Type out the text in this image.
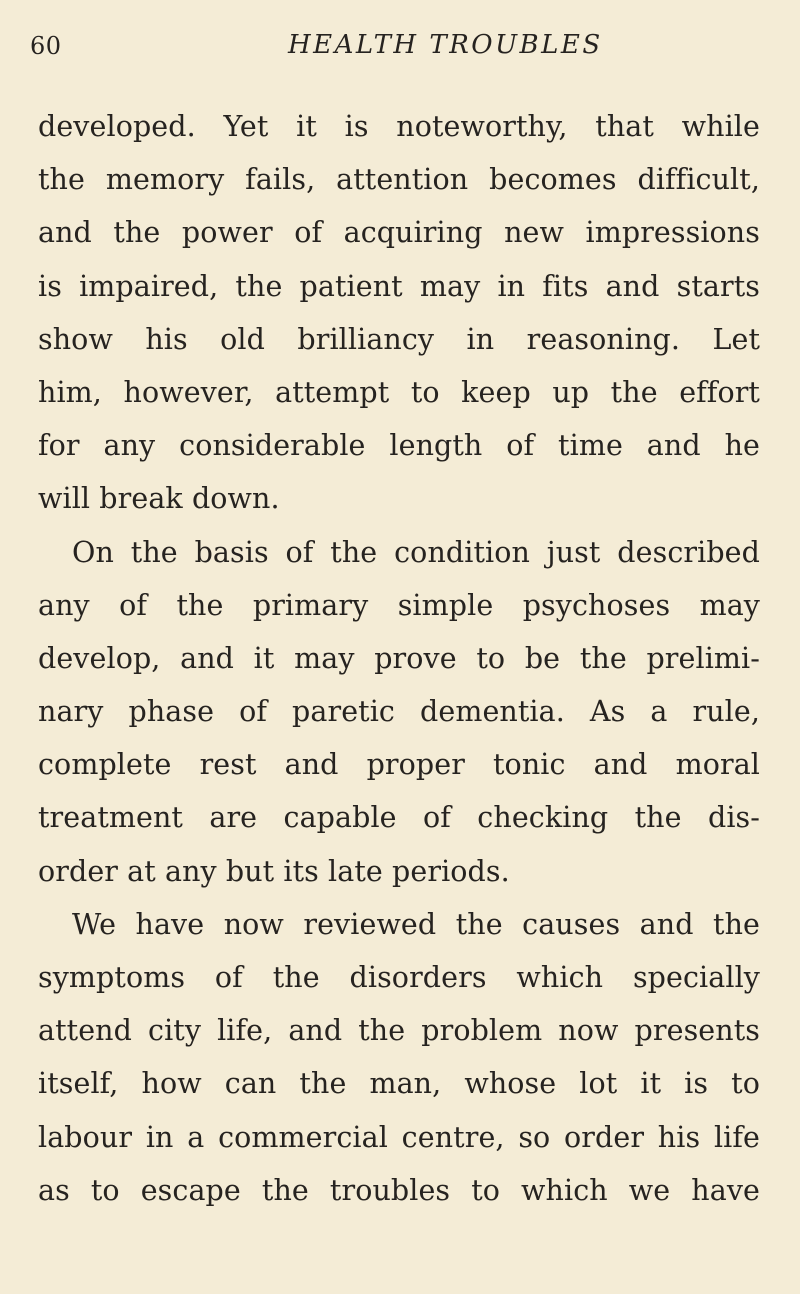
60	HEALTH TROUBLES
developed. Yet it is noteworthy, that while
the memory fails, attention becomes difficult,
and the power of acquiring new impressions
is impaired, the patient may in fits and starts
show his old brilliancy in reasoning. Let
him, however, attempt to keep up the effort
for any considerable length of time and he
will break down.
On the basis of the condition just described
any of the primary simple psychoses may
develop, and it may prove to be the prelimi-
nary phase of paretic dementia. As a rule,
complete rest and proper tonic and moral
treatment are capable of checking the dis-
order at any but its late periods.
We have now reviewed the causes and the
symptoms of the disorders which specially
attend city life, and the problem now presents
itself, how can the man, whose lot it is to
labour in a commercial centre, so order his life
as to escape the troubles to which we have
